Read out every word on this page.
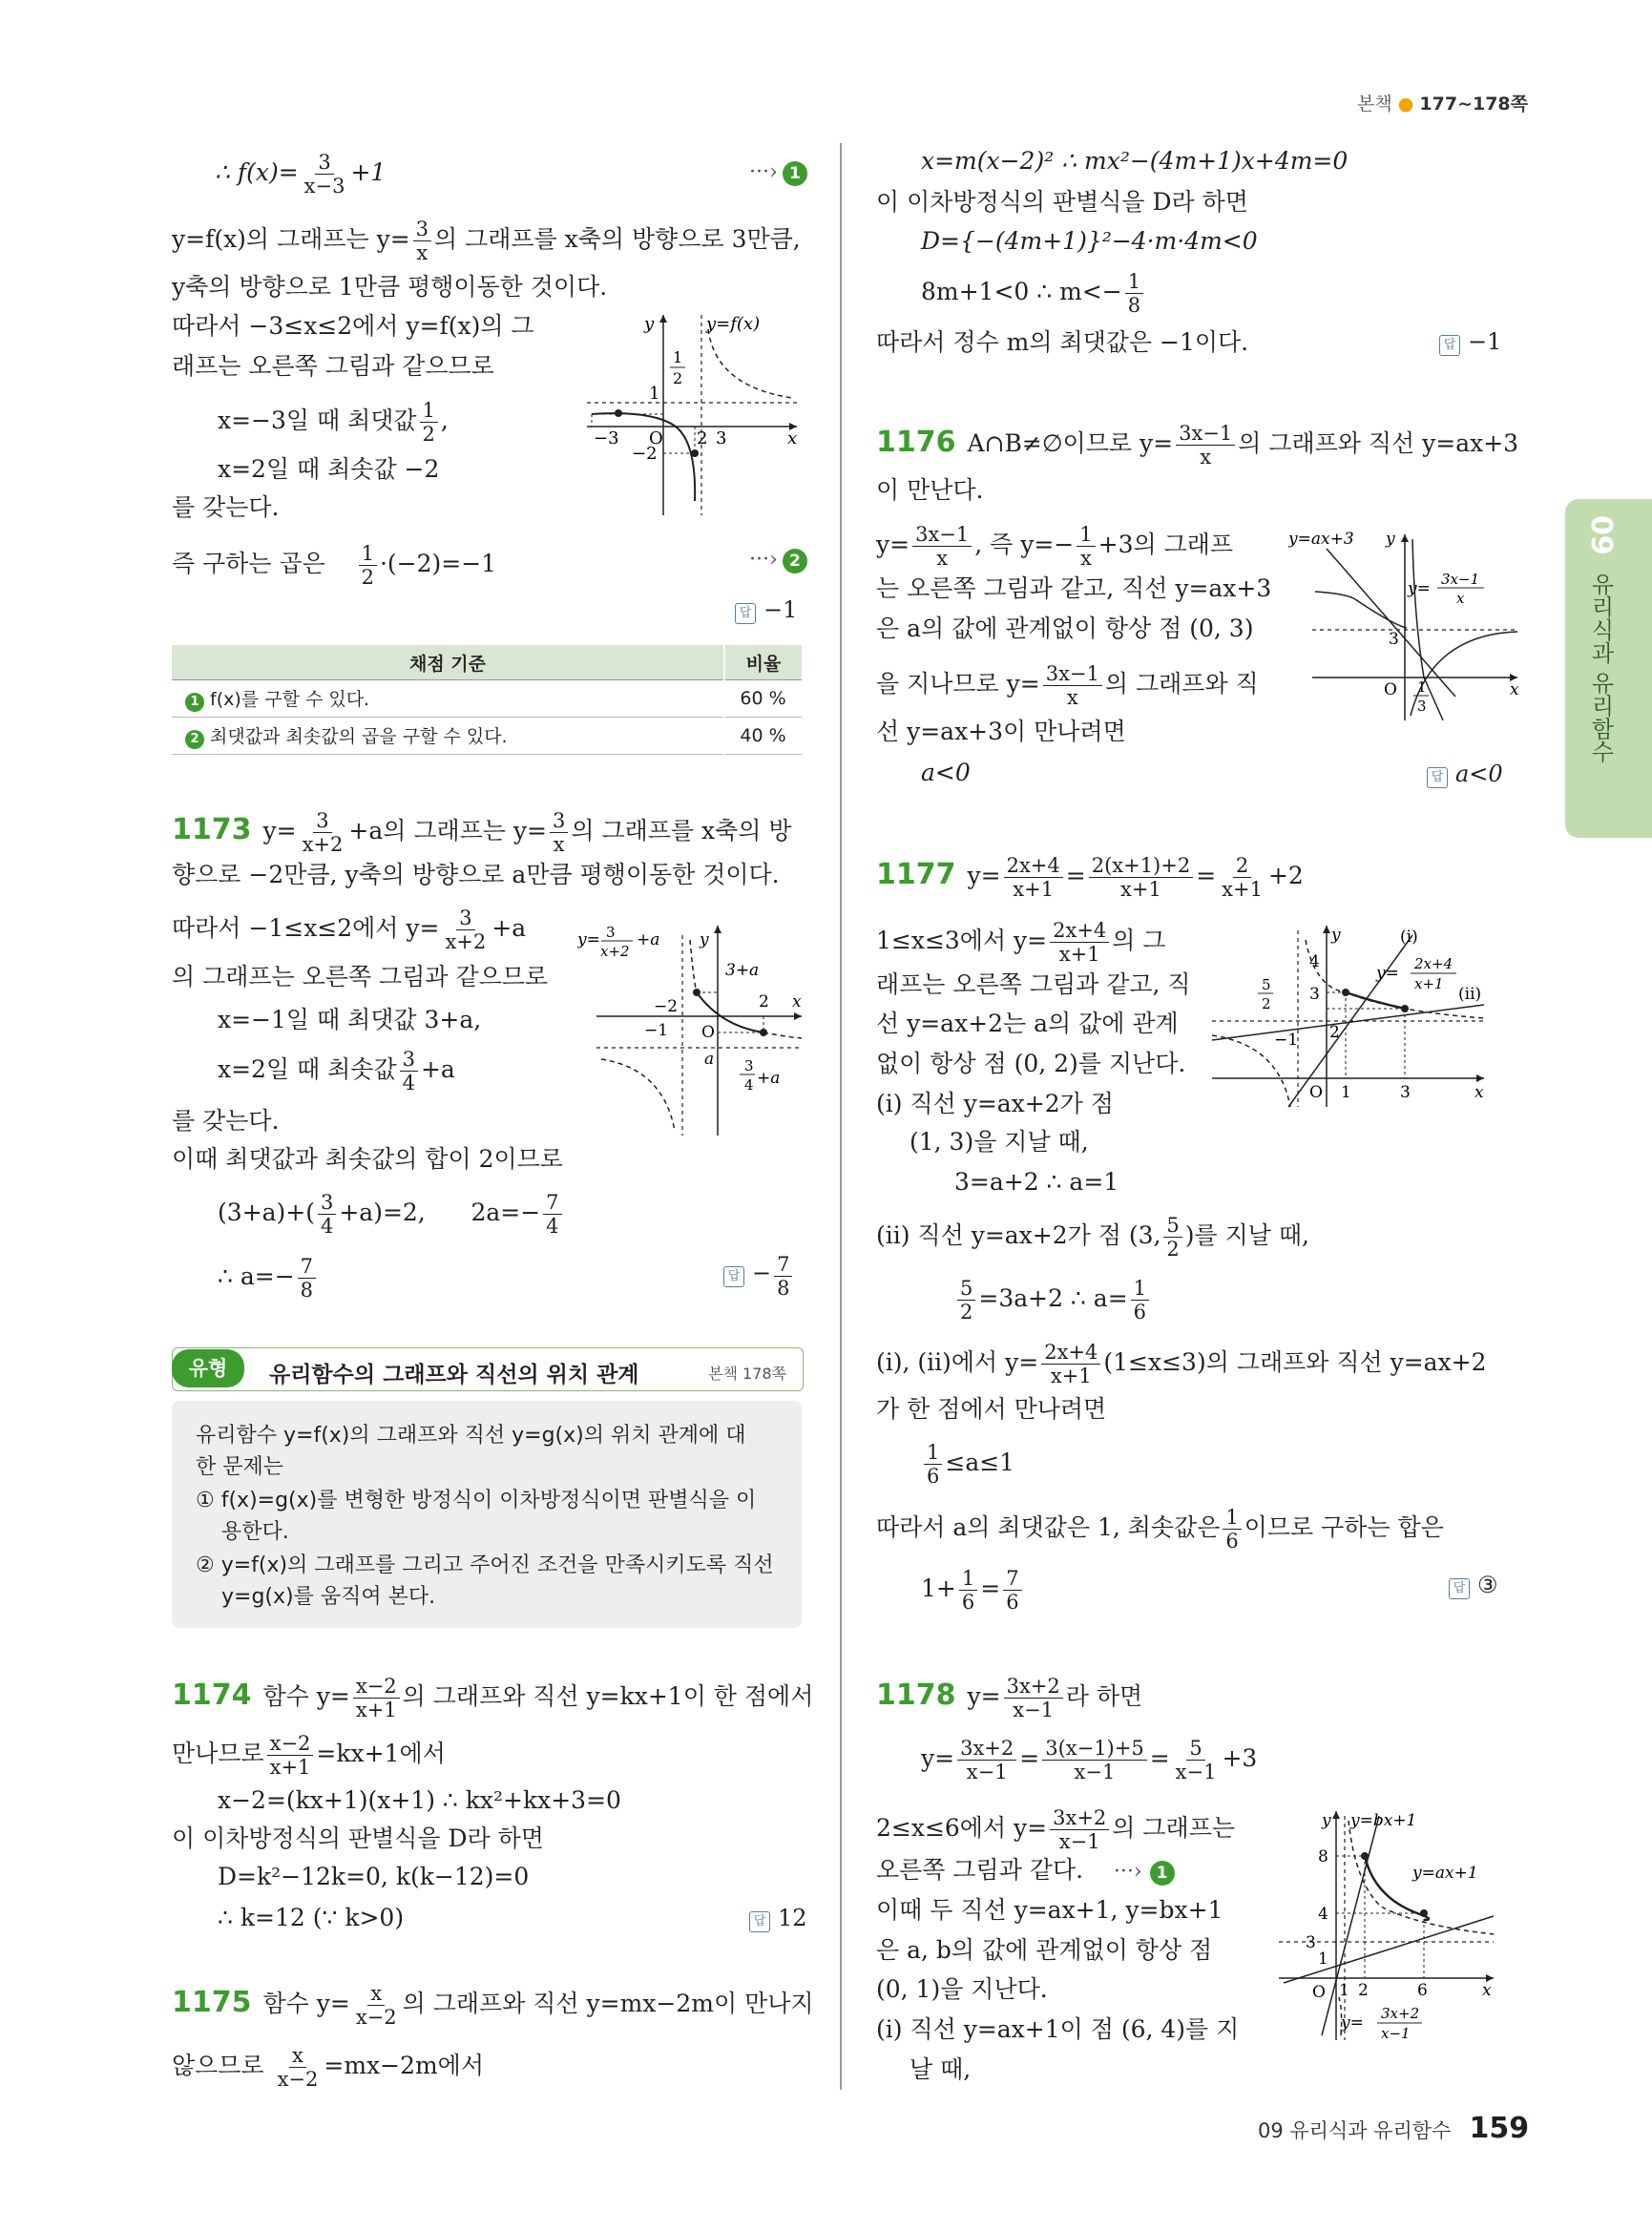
본책 ● 177~178쪽
09
유리식과 유리함수
∴ $f(x)= \frac{3}{x-3} +1$	···› 1
y=f(x)의 그래프는 $y= \frac{3}{x}$ 의 그래프를 x축의 방향으로 3만큼,
y축의 방향으로 1만큼 평행이동한 것이다.
따라서 −3≤x≤2에서 y=f(x)의 그
래프는 오른쪽 그림과 같으므로
x=−3일 때 최댓값 $\frac{1}{2}$ ,
x=2일 때 최솟값 −2
를 갖는다.
즉 구하는 곱은 $\frac{1}{2} \cdot(-2)=-1$	···› 2
답 −1
y	y=f(x)
x
O
−3
−2
1
1
2
2 3
채점 기준	비율
1 f(x)를 구할 수 있다.	60 %
2 최댓값과 최솟값의 곱을 구할 수 있다.	40 %
1173 $y= \frac{3}{x+2} +a$의 그래프는 $y= \frac{3}{x}$ 의 그래프를 x축의 방
향으로 −2만큼, y축의 방향으로 a만큼 평행이동한 것이다.
따라서 −1≤x≤2에서 $y= \frac{3}{x+2} +a$
의 그래프는 오른쪽 그림과 같으므로
x=−1일 때 최댓값 3+a,
x=2일 때 최솟값 $\frac{3}{4} +a$
를 갖는다.
이때 최댓값과 최솟값의 합이 2이므로
$(3+a)+( \frac{3}{4} +a)=2$, $2a=- \frac{7}{4}$
∴ $a=- \frac{7}{8}$	답 − $\frac{7}{8}$
y= 3
x+2
+a y
x
O
3+a
−2
−1
2
a 3
4 +a
유형	유리함수의 그래프와 직선의 위치 관계	본책 178쪽
유리함수 y=f(x)의 그래프와 직선 y=g(x)의 위치 관계에 대
한 문제는
① f(x)=g(x)를 변형한 방정식이 이차방정식이면 판별식을 이
용한다.
② y=f(x)의 그래프를 그리고 주어진 조건을 만족시키도록 직선
y=g(x)를 움직여 본다.
1174 함수 $y= \frac{x-2}{x+1}$ 의 그래프와 직선 y=kx+1이 한 점에서
만나므로 $\frac{x-2}{x+1} =kx+1$에서
x−2=(kx+1)(x+1) ∴ kx²+kx+3=0
이 이차방정식의 판별식을 D라 하면
D=k²−12k=0, k(k−12)=0
∴ k=12 (∵ k>0)	답 12
1175 함수 $y= \frac{x}{x-2}$ 의 그래프와 직선 y=mx−2m이 만나지
않으므로 $\frac{x}{x-2} =mx-2m$에서
x=m(x−2)² ∴ mx²−(4m+1)x+4m=0
이 이차방정식의 판별식을 D라 하면
D={−(4m+1)}²−4·m·4m<0
8m+1<0 ∴ $m<- \frac{1}{8}$
따라서 정수 m의 최댓값은 −1이다.	답 −1
1176 A∩B≠∅이므로 $y= \frac{3x-1}{x}$ 의 그래프와 직선 y=ax+3
이 만난다.
$y= \frac{3x-1}{x}$ , 즉 $y=- \frac{1}{x} +3$의 그래프
는 오른쪽 그림과 같고, 직선 y=ax+3
은 a의 값에 관계없이 항상 점 (0, 3)
을 지나므로 $y= \frac{3x-1}{x}$ 의 그래프와 직
선 y=ax+3이 만나려면
a<0	답 a<0
y=ax+3 y
x
O
3
y= 3x−1
x
1
3
1177 $y= \frac{2x+4}{x+1} = \frac{2(x+1)+2}{x+1} = \frac{2}{x+1} +2$
1≤x≤3에서 $y= \frac{2x+4}{x+1}$ 의 그
래프는 오른쪽 그림과 같고, 직
선 y=ax+2는 a의 값에 관계
없이 항상 점 (0, 2)를 지난다.
(i) 직선 y=ax+2가 점
(1, 3)을 지날 때,
3=a+2 ∴ a=1
(ii) 직선 y=ax+2가 점 (3, $\frac{5}{2}$ )를 지날 때,
$\frac{5}{2} =3a+2$ ∴ $a= \frac{1}{6}$
(i), (ii)에서 $y= \frac{2x+4}{x+1} (1\le x\le 3)$의 그래프와 직선 y=ax+2
가 한 점에서 만나려면
$\frac{1}{6} \le a\le 1$
따라서 a의 최댓값은 1, 최솟값은 $\frac{1}{6}$ 이므로 구하는 합은
$1+ \frac{1}{6} = \frac{7}{6}$	답 ③
y	(i)
y= 2x+4
x+1
(ii)
5
2
4
3
2
−1
O 1	3	x
1178 $y= \frac{3x+2}{x-1}$ 라 하면
$y= \frac{3x+2}{x-1} = \frac{3(x-1)+5}{x-1} = \frac{5}{x-1} +3$
2≤x≤6에서 $y= \frac{3x+2}{x-1}$ 의 그래프는
오른쪽 그림과 같다. ···› 1
이때 두 직선 y=ax+1, y=bx+1
은 a, b의 값에 관계없이 항상 점
(0, 1)을 지난다.
(i) 직선 y=ax+1이 점 (6, 4)를 지
날 때,
y y=bx+1
y=ax+1
8
4
3
1
O 1 2	6	x
y= 3x+2
x−1
09 유리식과 유리함수 159
